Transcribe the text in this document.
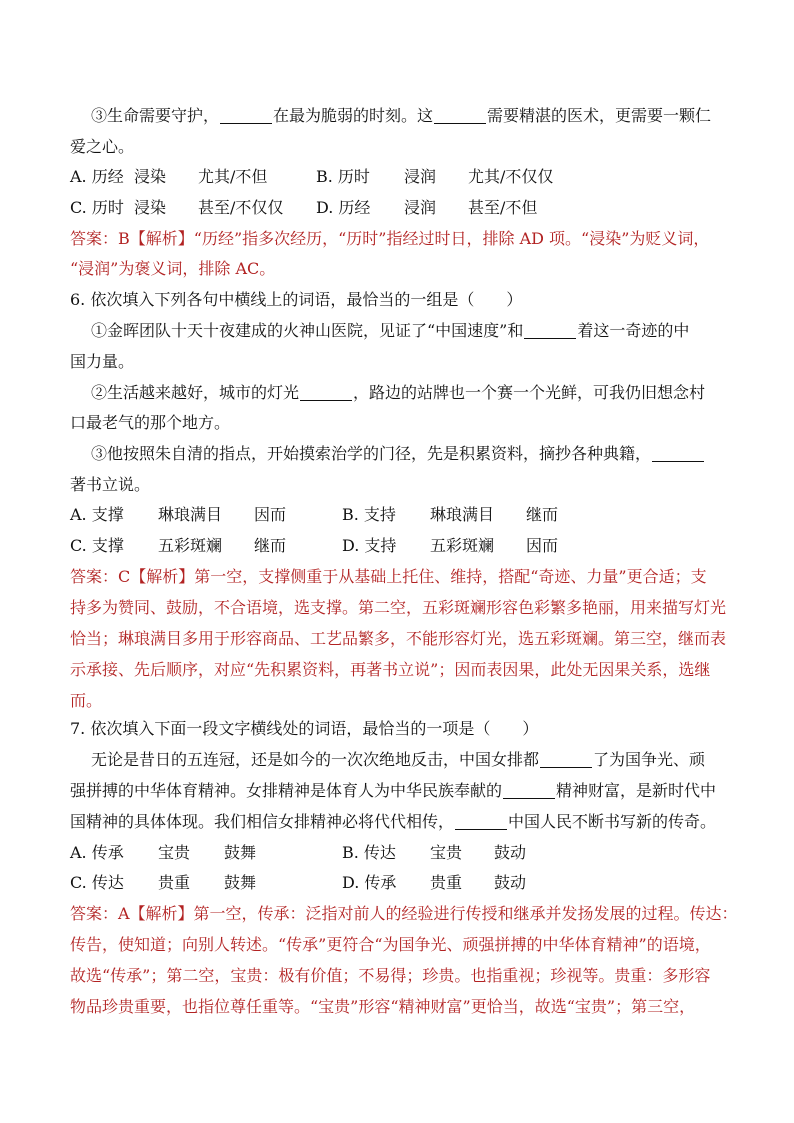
③生命需要守护，	在最为脆弱的时刻。这	需要精湛的医术，更需要一颗仁
爱之心。
A. 历经 浸染 尤其/不但	B. 历时 浸润 尤其/不仅仅
C. 历时 浸染 甚至/不仅仅 D. 历经 浸润 甚至/不但
答案：B【解析】“历经”指多次经历，“历时”指经过时日，排除 AD 项。“浸染”为贬义词，
“浸润”为褒义词，排除 AC。
6. 依次填入下列各句中横线上的词语，最恰当的一组是（　　）
①金晖团队十天十夜建成的火神山医院，见证了“中国速度”和	着这一奇迹的中
国力量。
②生活越来越好，城市的灯光	，路边的站牌也一个赛一个光鲜，可我仍旧想念村
口最老气的那个地方。
③他按照朱自清的指点，开始摸索治学的门径，先是积累资料，摘抄各种典籍，
著书立说。
A. 支撑 琳琅满目 因而	B. 支持 琳琅满目 继而
C. 支撑 五彩斑斓 继而	D. 支持 五彩斑斓 因而
答案：C【解析】第一空，支撑侧重于从基础上托住、维持，搭配“奇迹、力量”更合适；支
持多为赞同、鼓励，不合语境，选支撑。第二空，五彩斑斓形容色彩繁多艳丽，用来描写灯光
恰当；琳琅满目多用于形容商品、工艺品繁多，不能形容灯光，选五彩斑斓。第三空，继而表
示承接、先后顺序，对应“先积累资料，再著书立说”；因而表因果，此处无因果关系，选继
而。
7. 依次填入下面一段文字横线处的词语，最恰当的一项是（　　）
无论是昔日的五连冠，还是如今的一次次绝地反击，中国女排都	了为国争光、顽
强拼搏的中华体育精神。女排精神是体育人为中华民族奉献的	精神财富，是新时代中
国精神的具体体现。我们相信女排精神必将代代相传，	中国人民不断书写新的传奇。
A. 传承 宝贵 鼓舞	B. 传达 宝贵 鼓动
C. 传达 贵重 鼓舞	D. 传承 贵重 鼓动
答案：A【解析】第一空，传承：泛指对前人的经验进行传授和继承并发扬发展的过程。传达：
传告，使知道；向别人转述。“传承”更符合“为国争光、顽强拼搏的中华体育精神”的语境，
故选“传承”；第二空，宝贵：极有价值；不易得；珍贵。也指重视；珍视等。贵重：多形容
物品珍贵重要，也指位尊任重等。“宝贵”形容“精神财富”更恰当，故选“宝贵”；第三空，
